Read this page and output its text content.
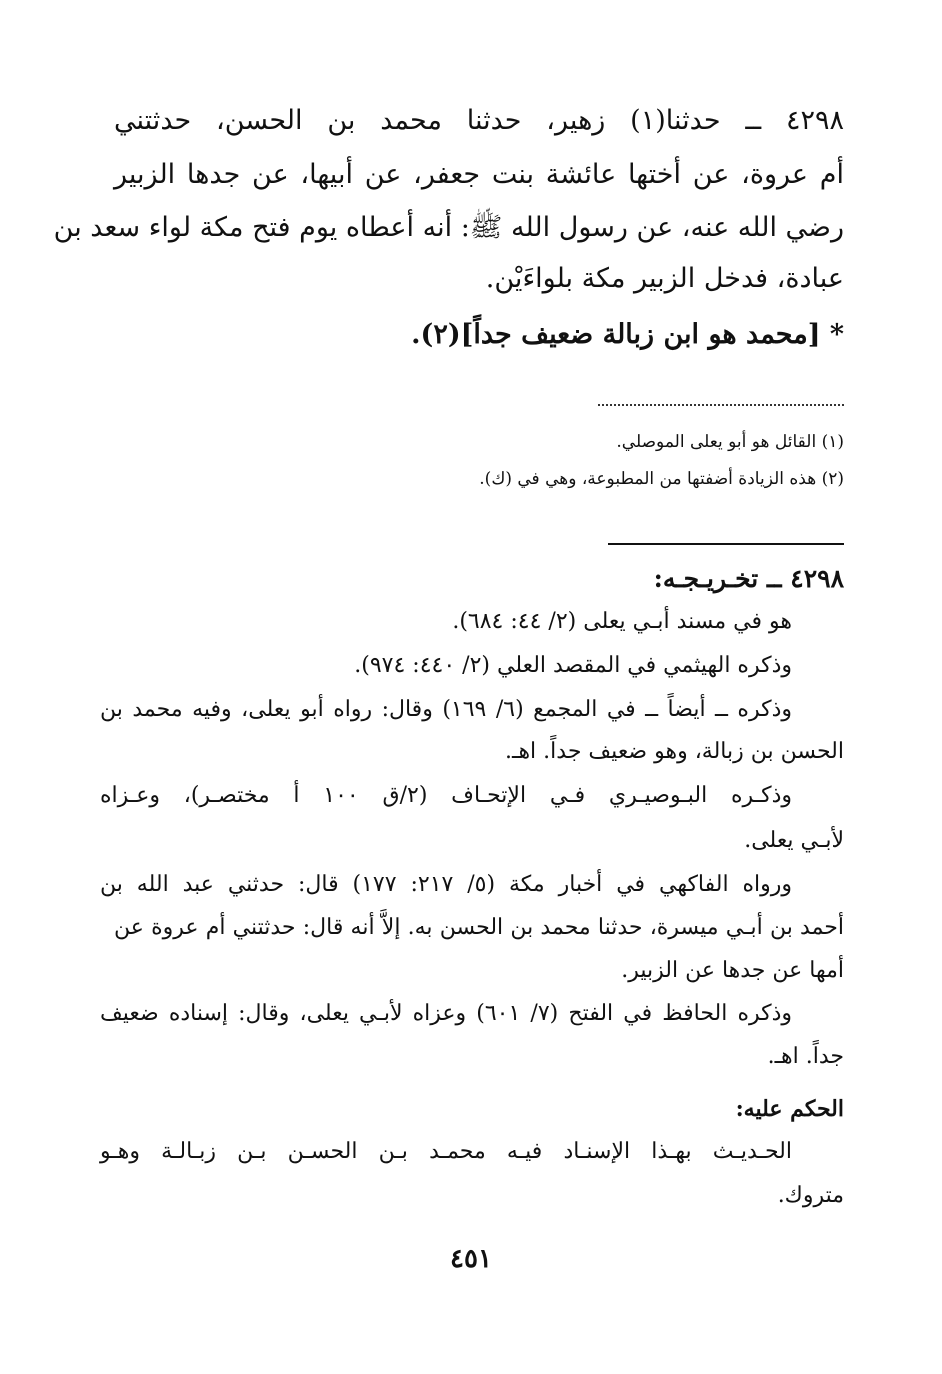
٤٢٩٨ ــ حدثنا(١) زهير، حدثنا محمد بن الحسن، حدثتني
أم عروة، عن أختها عائشة بنت جعفر، عن أبيها، عن جدها الزبير
رضي الله عنه، عن رسول الله ﷺ: أنه أعطاه يوم فتح مكة لواء سعد بن
عبادة، فدخل الزبير مكة بلواءَيْن.
* [محمد هو ابن زبالة ضعيف جداً](٢).
(١) القائل هو أبو يعلى الموصلي.
(٢) هذه الزيادة أضفتها من المطبوعة، وهي في (ك).
٤٢٩٨ ــ تخـريـجـه:
هو في مسند أبـي يعلى (٢/ ٤٤: ٦٨٤).
وذكره الهيثمي في المقصد العلي (٢/ ٤٤٠: ٩٧٤).
وذكره ــ أيضاً ــ في المجمع (٦/ ١٦٩) وقال: رواه أبو يعلى، وفيه محمد بن
الحسن بن زبالة، وهو ضعيف جداً. اهـ.
وذكـره البـوصيـري فـي الإتحـاف (٢/ق ١٠٠ أ مختصـر)، وعـزاه
لأبـي يعلى.
ورواه الفاكهي في أخبار مكة (٥/ ٢١٧: ١٧٧) قال: حدثني عبد الله بن
أحمد بن أبـي ميسرة، حدثنا محمد بن الحسن به. إلاَّ أنه قال: حدثتني أم عروة عن
أمها عن جدها عن الزبير.
وذكره الحافظ في الفتح (٧/ ٦٠١) وعزاه لأبـي يعلى، وقال: إسناده ضعيف
جداً. اهـ.
الحكم عليه:
الحـديـث بهـذا الإسنـاد فيـه محمـد بـن الحسـن بـن زبـالـة وهـو
متروك.
٤٥١
